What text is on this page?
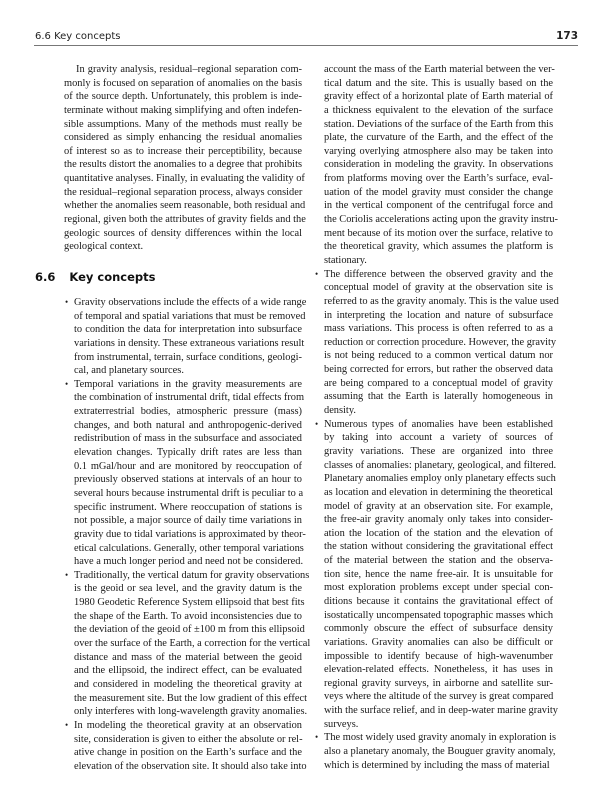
6.6 Key concepts	173
In gravity analysis, residual–regional separation com-
monly is focused on separation of anomalies on the basis
of the source depth. Unfortunately, this problem is inde-
terminate without making simplifying and often indefen-
sible assumptions. Many of the methods must really be
considered as simply enhancing the residual anomalies
of interest so as to increase their perceptibility, because
the results distort the anomalies to a degree that prohibits
quantitative analyses. Finally, in evaluating the validity of
the residual–regional separation process, always consider
whether the anomalies seem reasonable, both residual and
regional, given both the attributes of gravity fields and the
geologic sources of density differences within the local
geological context.
6.6 Key concepts
• Gravity observations include the effects of a wide range
of temporal and spatial variations that must be removed
to condition the data for interpretation into subsurface
variations in density. These extraneous variations result
from instrumental, terrain, surface conditions, geologi-
cal, and planetary sources.
• Temporal variations in the gravity measurements are
the combination of instrumental drift, tidal effects from
extraterrestrial bodies, atmospheric pressure (mass)
changes, and both natural and anthropogenic-derived
redistribution of mass in the subsurface and associated
elevation changes. Typically drift rates are less than
0.1 mGal/hour and are monitored by reoccupation of
previously observed stations at intervals of an hour to
several hours because instrumental drift is peculiar to a
specific instrument. Where reoccupation of stations is
not possible, a major source of daily time variations in
gravity due to tidal variations is approximated by theor-
etical calculations. Generally, other temporal variations
have a much longer period and need not be considered.
• Traditionally, the vertical datum for gravity observations
is the geoid or sea level, and the gravity datum is the
1980 Geodetic Reference System ellipsoid that best fits
the shape of the Earth. To avoid inconsistencies due to
the deviation of the geoid of ±100 m from this ellipsoid
over the surface of the Earth, a correction for the vertical
distance and mass of the material between the geoid
and the ellipsoid, the indirect effect, can be evaluated
and considered in modeling the theoretical gravity at
the measurement site. But the low gradient of this effect
only interferes with long-wavelength gravity anomalies.
• In modeling the theoretical gravity at an observation
site, consideration is given to either the absolute or rel-
ative change in position on the Earth’s surface and the
elevation of the observation site. It should also take into
account the mass of the Earth material between the ver-
tical datum and the site. This is usually based on the
gravity effect of a horizontal plate of Earth material of
a thickness equivalent to the elevation of the surface
station. Deviations of the surface of the Earth from this
plate, the curvature of the Earth, and the effect of the
varying overlying atmosphere also may be taken into
consideration in modeling the gravity. In observations
from platforms moving over the Earth’s surface, eval-
uation of the model gravity must consider the change
in the vertical component of the centrifugal force and
the Coriolis accelerations acting upon the gravity instru-
ment because of its motion over the surface, relative to
the theoretical gravity, which assumes the platform is
stationary.
• The difference between the observed gravity and the
conceptual model of gravity at the observation site is
referred to as the gravity anomaly. This is the value used
in interpreting the location and nature of subsurface
mass variations. This process is often referred to as a
reduction or correction procedure. However, the gravity
is not being reduced to a common vertical datum nor
being corrected for errors, but rather the observed data
are being compared to a conceptual model of gravity
assuming that the Earth is laterally homogeneous in
density.
• Numerous types of anomalies have been established
by taking into account a variety of sources of
gravity variations. These are organized into three
classes of anomalies: planetary, geological, and filtered.
Planetary anomalies employ only planetary effects such
as location and elevation in determining the theoretical
model of gravity at an observation site. For example,
the free-air gravity anomaly only takes into consider-
ation the location of the station and the elevation of
the station without considering the gravitational effect
of the material between the station and the observa-
tion site, hence the name free-air. It is unsuitable for
most exploration problems except under special con-
ditions because it contains the gravitational effect of
isostatically uncompensated topographic masses which
commonly obscure the effect of subsurface density
variations. Gravity anomalies can also be difficult or
impossible to identify because of high-wavenumber
elevation-related effects. Nonetheless, it has uses in
regional gravity surveys, in airborne and satellite sur-
veys where the altitude of the survey is great compared
with the surface relief, and in deep-water marine gravity
surveys.
• The most widely used gravity anomaly in exploration is
also a planetary anomaly, the Bouguer gravity anomaly,
which is determined by including the mass of material
